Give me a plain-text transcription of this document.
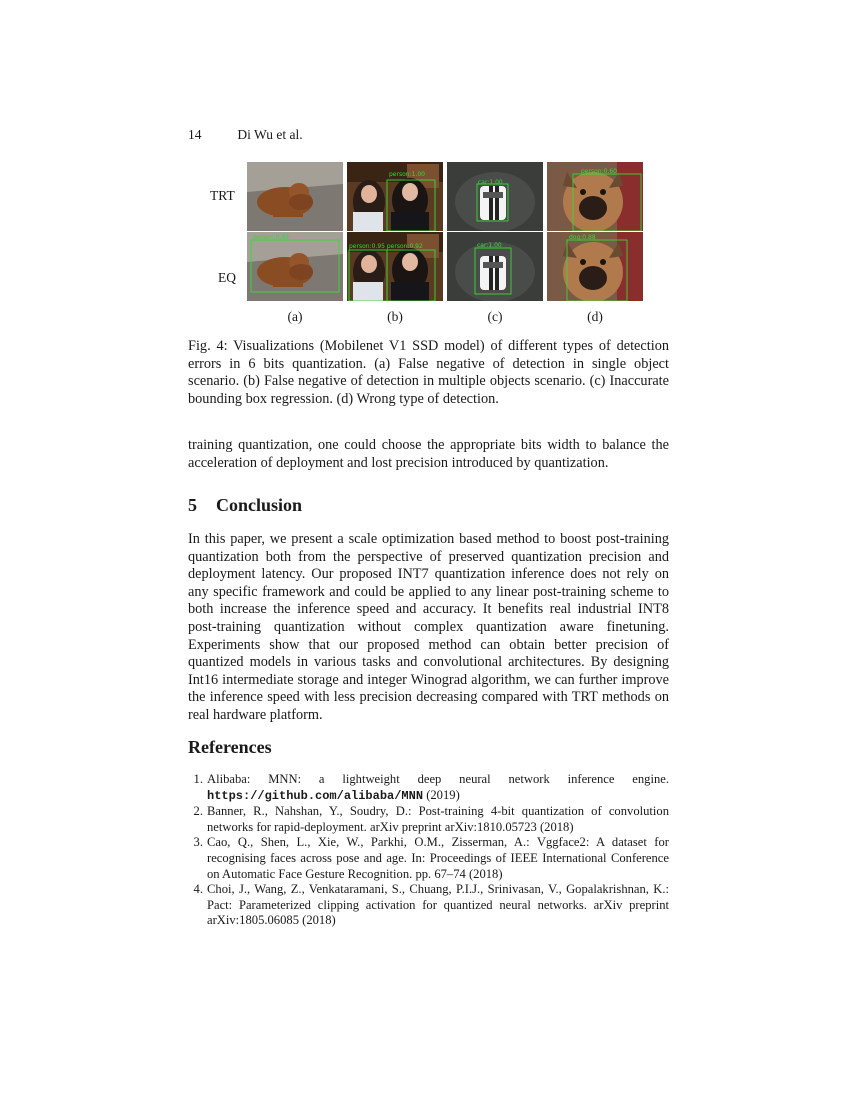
14	Di Wu et al.
TRT
EQ
person:1.00
car:1.00
person:0.60
person:0.93
person:0.95 person:0.92	car:1.00
dog:0.88
(a)	(b)	(c)	(d)
Fig. 4: Visualizations (Mobilenet V1 SSD model) of different types of detection errors in 6 bits quantization. (a) False negative of detection in single object scenario. (b) False negative of detection in multiple objects scenario. (c) Inaccurate bounding box regression. (d) Wrong type of detection.
training quantization, one could choose the appropriate bits width to balance the acceleration of deployment and lost precision introduced by quantization.
5 Conclusion
In this paper, we present a scale optimization based method to boost post-training quantization both from the perspective of preserved quantization precision and deployment latency. Our proposed INT7 quantization inference does not rely on any specific framework and could be applied to any linear post-training scheme to both increase the inference speed and accuracy. It benefits real industrial INT8 post-training quantization without complex quantization aware finetuning. Experiments show that our proposed method can obtain better precision of quantized models in various tasks and convolutional architectures. By designing Int16 intermediate storage and integer Winograd algorithm, we can further improve the inference speed with less precision decreasing compared with TRT methods on real hardware platform.
References
1. Alibaba: MNN: a lightweight deep neural network inference engine. https://github.com/alibaba/MNN (2019)
2. Banner, R., Nahshan, Y., Soudry, D.: Post-training 4-bit quantization of convolution networks for rapid-deployment. arXiv preprint arXiv:1810.05723 (2018)
3. Cao, Q., Shen, L., Xie, W., Parkhi, O.M., Zisserman, A.: Vggface2: A dataset for recognising faces across pose and age. In: Proceedings of IEEE International Conference on Automatic Face Gesture Recognition. pp. 67–74 (2018)
4. Choi, J., Wang, Z., Venkataramani, S., Chuang, P.I.J., Srinivasan, V., Gopalakrishnan, K.: Pact: Parameterized clipping activation for quantized neural networks. arXiv preprint arXiv:1805.06085 (2018)
